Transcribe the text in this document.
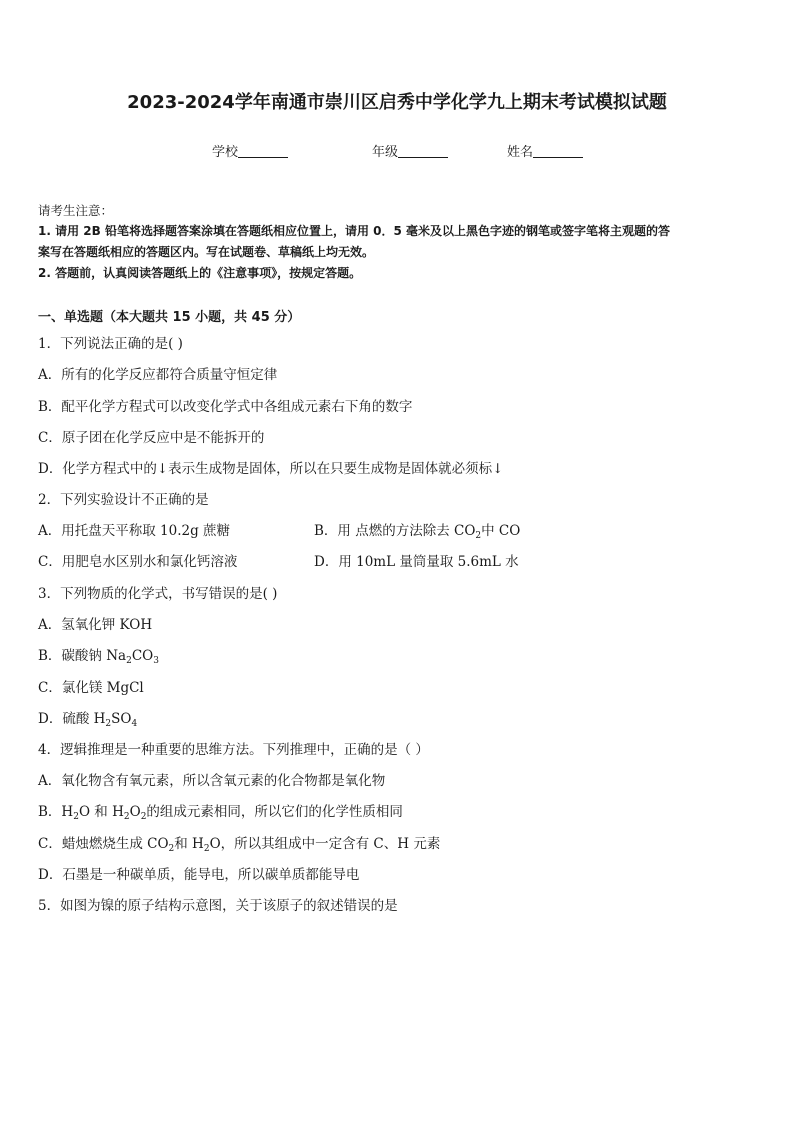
2023-2024学年南通市崇川区启秀中学化学九上期末考试模拟试题
学校	年级	姓名
请考生注意：
1. 请用 2B 铅笔将选择题答案涂填在答题纸相应位置上，请用 0．5 毫米及以上黑色字迹的钢笔或签字笔将主观题的答
案写在答题纸相应的答题区内。写在试题卷、草稿纸上均无效。
2. 答题前，认真阅读答题纸上的《注意事项》，按规定答题。
一、单选题（本大题共 15 小题，共 45 分）
1．下列说法正确的是( )
A．所有的化学反应都符合质量守恒定律
B．配平化学方程式可以改变化学式中各组成元素右下角的数字
C．原子团在化学反应中是不能拆开的
D．化学方程式中的↓表示生成物是固体，所以在只要生成物是固体就必须标↓
2．下列实验设计不正确的是
A．用托盘天平称取 10.2g 蔗糖	B．用 点燃的方法除去 $CO_2$中 CO
C．用肥皂水区别水和氯化钙溶液	D．用 10mL 量筒量取 5.6mL 水
3．下列物质的化学式，书写错误的是( )
A．氢氧化钾 KOH
B．碳酸钠 $Na_2CO_3$
C．氯化镁 MgCl
D．硫酸 $H_2SO_4$
4．逻辑推理是一种重要的思维方法。下列推理中，正确的是（ ）
A．氧化物含有氧元素，所以含氧元素的化合物都是氧化物
B．$H_2O$ 和 $H_2O_2$的组成元素相同，所以它们的化学性质相同
C．蜡烛燃烧生成 $CO_2$和 $H_2O$，所以其组成中一定含有 C、H 元素
D．石墨是一种碳单质，能导电，所以碳单质都能导电
5．如图为镍的原子结构示意图，关于该原子的叙述错误的是
